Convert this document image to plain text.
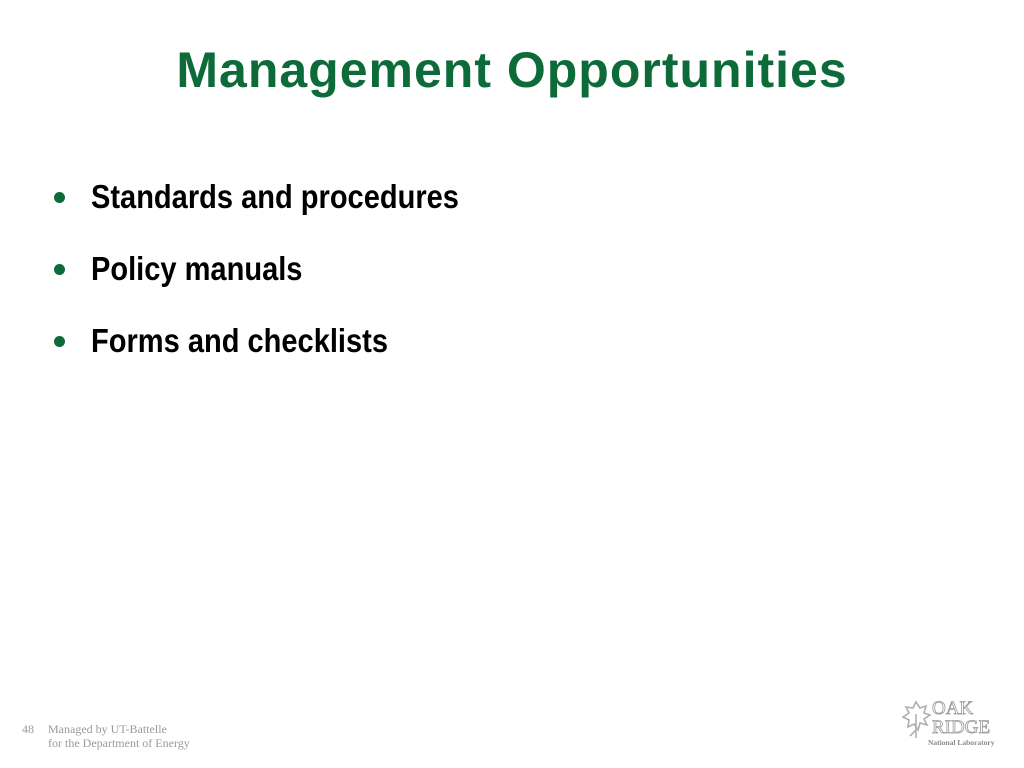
Management Opportunities
Standards and procedures
Policy manuals
Forms and checklists
48 Managed by UT-Battelle
for the Department of Energy
OAK
RIDGE
National Laboratory
